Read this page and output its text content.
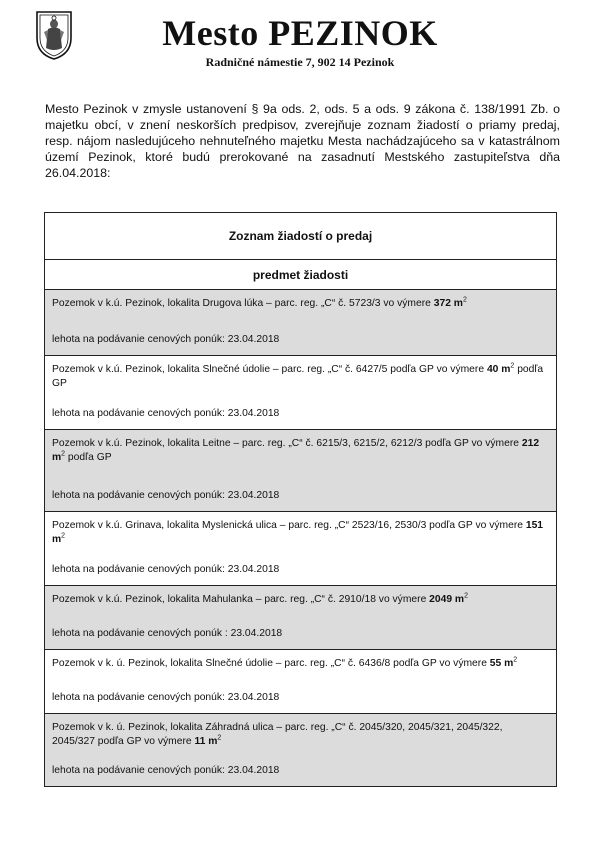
Mesto PEZINOK
Radničné námestie 7, 902 14 Pezinok
Mesto Pezinok v zmysle ustanovení § 9a ods. 2, ods. 5 a ods. 9 zákona č. 138/1991 Zb. o majetku obcí, v znení neskorších predpisov, zverejňuje zoznam žiadostí o priamy predaj, resp. nájom nasledujúceho nehnuteľného majetku Mesta nachádzajúceho sa v katastrálnom území Pezinok, ktoré budú prerokované na zasadnutí Mestského zastupiteľstva dňa 26.04.2018:
Zoznam žiadostí o predaj
predmet žiadosti
Pozemok v k.ú. Pezinok, lokalita Drugova lúka – parc. reg. „C“ č. 5723/3 vo výmere 372 $m^2$
lehota na podávanie cenových ponúk: 23.04.2018
Pozemok v k.ú. Pezinok, lokalita Slnečné údolie – parc. reg. „C“ č. 6427/5 podľa GP vo výmere 40 $m^2$ podľa GP
lehota na podávanie cenových ponúk: 23.04.2018
Pozemok v k.ú. Pezinok, lokalita Leitne – parc. reg. „C“ č. 6215/3, 6215/2, 6212/3 podľa GP vo výmere 212 $m^2$ podľa GP
lehota na podávanie cenových ponúk: 23.04.2018
Pozemok v k.ú. Grinava, lokalita Myslenická ulica – parc. reg. „C“ 2523/16, 2530/3 podľa GP vo výmere 151 $m^2$
lehota na podávanie cenových ponúk: 23.04.2018
Pozemok v k.ú. Pezinok, lokalita Mahulanka – parc. reg. „C“ č. 2910/18 vo výmere 2049 $m^2$
lehota na podávanie cenových ponúk : 23.04.2018
Pozemok v k. ú. Pezinok, lokalita Slnečné údolie – parc. reg. „C“ č. 6436/8 podľa GP vo výmere 55 $m^2$
lehota na podávanie cenových ponúk: 23.04.2018
Pozemok v k. ú. Pezinok, lokalita Záhradná ulica – parc. reg. „C“ č. 2045/320, 2045/321, 2045/322, 2045/327 podľa GP vo výmere 11 $m^2$
lehota na podávanie cenových ponúk: 23.04.2018
